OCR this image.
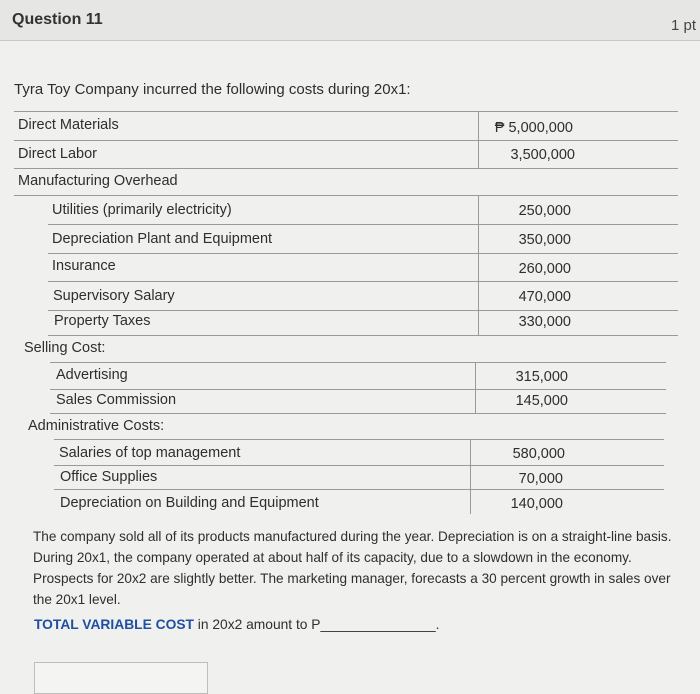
Question 11	1 pt
Tyra Toy Company incurred the following costs during 20x1:
Direct Materials	₱ 5,000,000
Direct Labor	3,500,000
Manufacturing Overhead
Utilities (primarily electricity)	250,000
Depreciation Plant and Equipment	350,000
Insurance	260,000
Supervisory Salary	470,000
Property Taxes	330,000
Selling Cost:
Advertising	315,000
Sales Commission	145,000
Administrative Costs:
Salaries of top management	580,000
Office Supplies	70,000
Depreciation on Building and Equipment	140,000
The company sold all of its products manufactured during the year. Depreciation is on a straight-line basis. During 20x1, the company operated at about half of its capacity, due to a slowdown in the economy. Prospects for 20x2 are slightly better. The marketing manager, forecasts a 30 percent growth in sales over the 20x1 level.
TOTAL VARIABLE COST in 20x2 amount to P_______________.
